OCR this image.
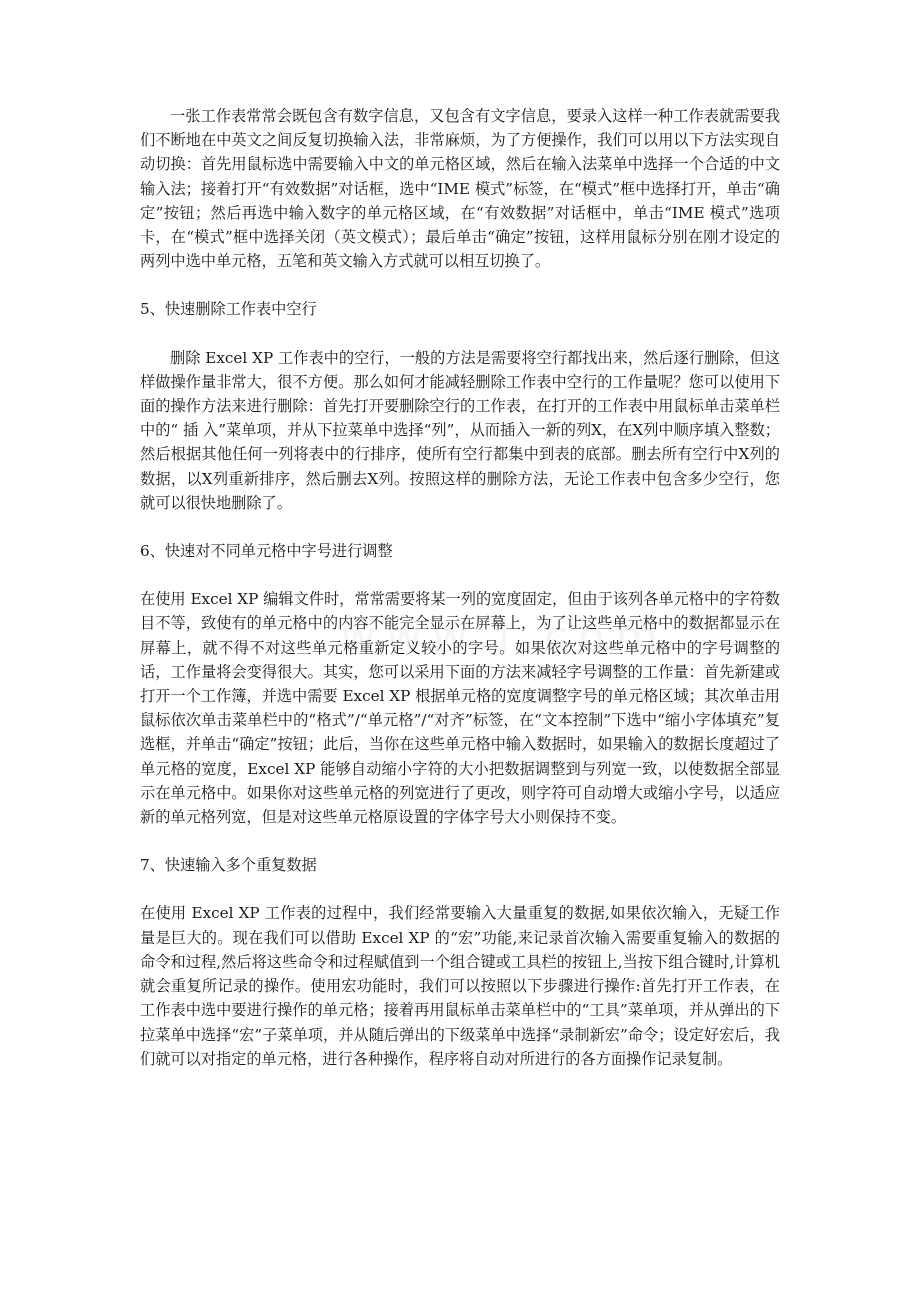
一张工作表常常会既包含有数字信息，又包含有文字信息，要录入这样一种工作表就需要我们不断地在中英文之间反复切换输入法，非常麻烦，为了方便操作，我们可以用以下方法实现自动切换：首先用鼠标选中需要输入中文的单元格区域，然后在输入法菜单中选择一个合适的中文输入法；接着打开“有效数据”对话框，选中“IME 模式”标签，在“模式”框中选择打开，单击“确定”按钮；然后再选中输入数字的单元格区域，在“有效数据”对话框中，单击“IME 模式”选项卡，在“模式”框中选择关闭（英文模式）；最后单击“确定”按钮，这样用鼠标分别在刚才设定的两列中选中单元格，五笔和英文输入方式就可以相互切换了。

5、快速删除工作表中空行

删除 Excel XP 工作表中的空行，一般的方法是需要将空行都找出来，然后逐行删除，但这样做操作量非常大，很不方便。那么如何才能减轻删除工作表中空行的工作量呢？您可以使用下面的操作方法来进行删除：首先打开要删除空行的工作表，在打开的工作表中用鼠标单击菜单栏中的“ 插 入”菜单项，并从下拉菜单中选择“列”，从而插入一新的列X，在X列中顺序填入整数；然后根据其他任何一列将表中的行排序，使所有空行都集中到表的底部。删去所有空行中X列的数据，以X列重新排序，然后删去X列。按照这样的删除方法，无论工作表中包含多少空行，您就可以很快地删除了。

6、快速对不同单元格中字号进行调整

在使用 Excel XP 编辑文件时，常常需要将某一列的宽度固定，但由于该列各单元格中的字符数目不等，致使有的单元格中的内容不能完全显示在屏幕上，为了让这些单元格中的数据都显示在屏幕上，就不得不对这些单元格重新定义较小的字号。如果依次对这些单元格中的字号调整的话，工作量将会变得很大。其实，您可以采用下面的方法来减轻字号调整的工作量：首先新建或打开一个工作簿，并选中需要 Excel XP 根据单元格的宽度调整字号的单元格区域；其次单击用鼠标依次单击菜单栏中的“格式”/“单元格”/“对齐”标签，在“文本控制”下选中“缩小字体填充”复选框，并单击“确定”按钮；此后，当你在这些单元格中输入数据时，如果输入的数据长度超过了单元格的宽度，Excel XP 能够自动缩小字符的大小把数据调整到与列宽一致，以使数据全部显示在单元格中。如果你对这些单元格的列宽进行了更改，则字符可自动增大或缩小字号，以适应新的单元格列宽，但是对这些单元格原设置的字体字号大小则保持不变。

7、快速输入多个重复数据

在使用 Excel XP 工作表的过程中，我们经常要输入大量重复的数据,如果依次输入，无疑工作量是巨大的。现在我们可以借助 Excel XP 的“宏”功能,来记录首次输入需要重复输入的数据的命令和过程,然后将这些命令和过程赋值到一个组合键或工具栏的按钮上,当按下组合键时,计算机就会重复所记录的操作。使用宏功能时，我们可以按照以下步骤进行操作:首先打开工作表，在工作表中选中要进行操作的单元格；接着再用鼠标单击菜单栏中的“工具”菜单项，并从弹出的下拉菜单中选择“宏”子菜单项，并从随后弹出的下级菜单中选择“录制新宏”命令；设定好宏后，我们就可以对指定的单元格，进行各种操作，程序将自动对所进行的各方面操作记录复制。
